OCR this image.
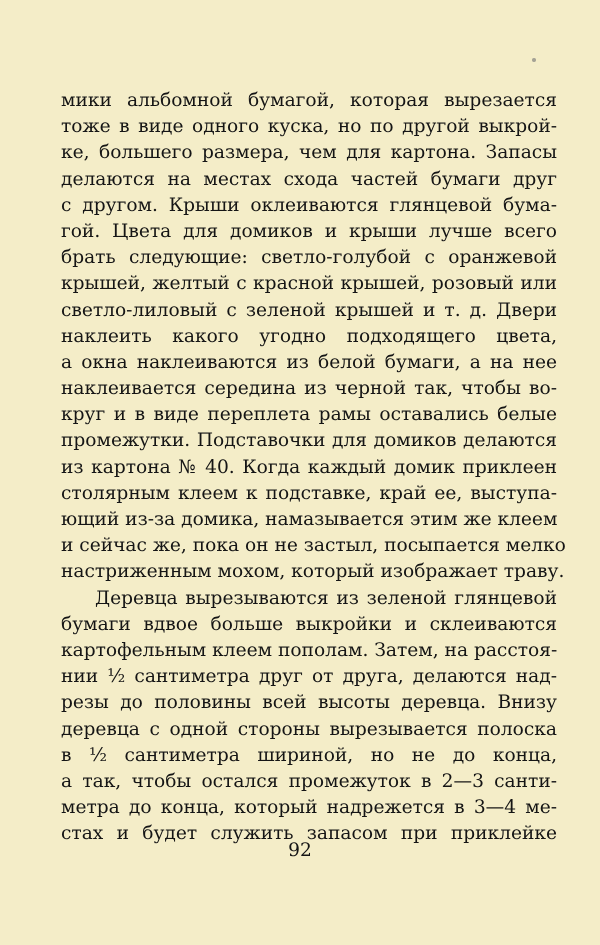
мики альбомной бумагой, которая вырезается
тоже в виде одного куска, но по другой выкрой-
ке, большего размера, чем для картона. Запасы
делаются на местах схода частей бумаги друг
с другом. Крыши оклеиваются глянцевой бума-
гой. Цвета для домиков и крыши лучше всего
брать следующие: светло-голубой с оранжевой
крышей, желтый с красной крышей, розовый или
светло-лиловый с зеленой крышей и т. д. Двери
наклеить какого угодно подходящего цвета,
а окна наклеиваются из белой бумаги, а на нее
наклеивается середина из черной так, чтобы во-
круг и в виде переплета рамы оставались белые
промежутки. Подставочки для домиков делаются
из картона № 40. Когда каждый домик приклеен
столярным клеем к подставке, край ее, выступа-
ющий из-за домика, намазывается этим же клеем
и сейчас же, пока он не застыл, посыпается мелко
настриженным мохом, который изображает траву.
Деревца вырезываются из зеленой глянцевой
бумаги вдвое больше выкройки и склеиваются
картофельным клеем пополам. Затем, на расстоя-
нии ½ сантиметра друг от друга, делаются над-
резы до половины всей высоты деревца. Внизу
деревца с одной стороны вырезывается полоска
в ½ сантиметра шириной, но не до конца,
а так, чтобы остался промежуток в 2—3 санти-
метра до конца, который надрежется в 3—4 ме-
стах и будет служить запасом при приклейке
92
